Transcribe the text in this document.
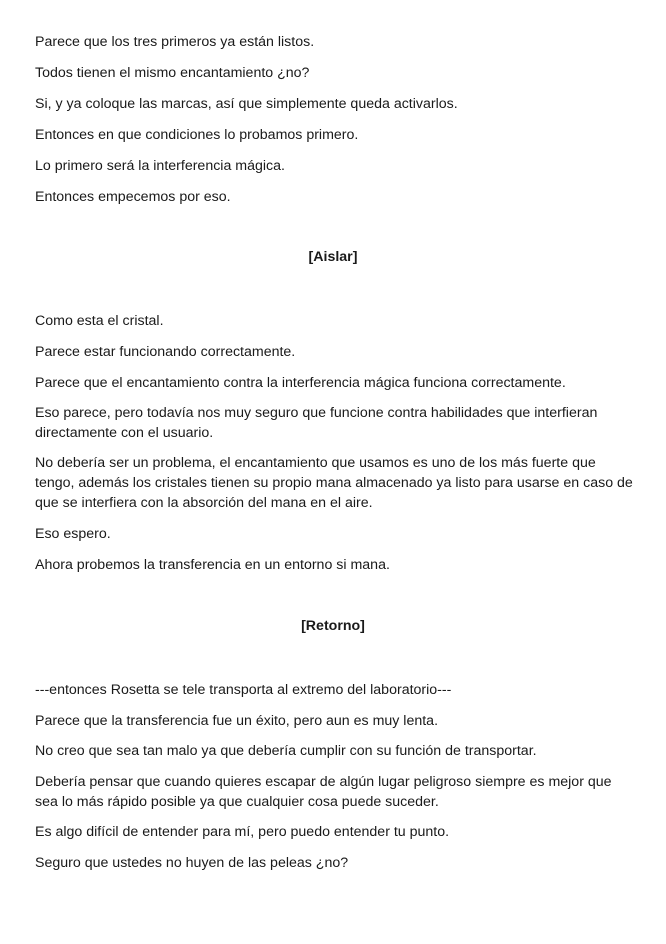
Parece que los tres primeros ya están listos.

Todos tienen el mismo encantamiento ¿no?

Si, y ya coloque las marcas, así que simplemente queda activarlos.

Entonces en que condiciones lo probamos primero.

Lo primero será la interferencia mágica.

Entonces empecemos por eso.

[Aislar]

Como esta el cristal.

Parece estar funcionando correctamente.

Parece que el encantamiento contra la interferencia mágica funciona correctamente.

Eso parece, pero todavía nos muy seguro que funcione contra habilidades que interfieran directamente con el usuario.

No debería ser un problema, el encantamiento que usamos es uno de los más fuerte que tengo, además los cristales tienen su propio mana almacenado ya listo para usarse en caso de que se interfiera con la absorción del mana en el aire.

Eso espero.

Ahora probemos la transferencia en un entorno si mana.

[Retorno]

---entonces Rosetta se tele transporta al extremo del laboratorio---

Parece que la transferencia fue un éxito, pero aun es muy lenta.

No creo que sea tan malo ya que debería cumplir con su función de transportar.

Debería pensar que cuando quieres escapar de algún lugar peligroso siempre es mejor que sea lo más rápido posible ya que cualquier cosa puede suceder.

Es algo difícil de entender para mí, pero puedo entender tu punto.

Seguro que ustedes no huyen de las peleas ¿no?
